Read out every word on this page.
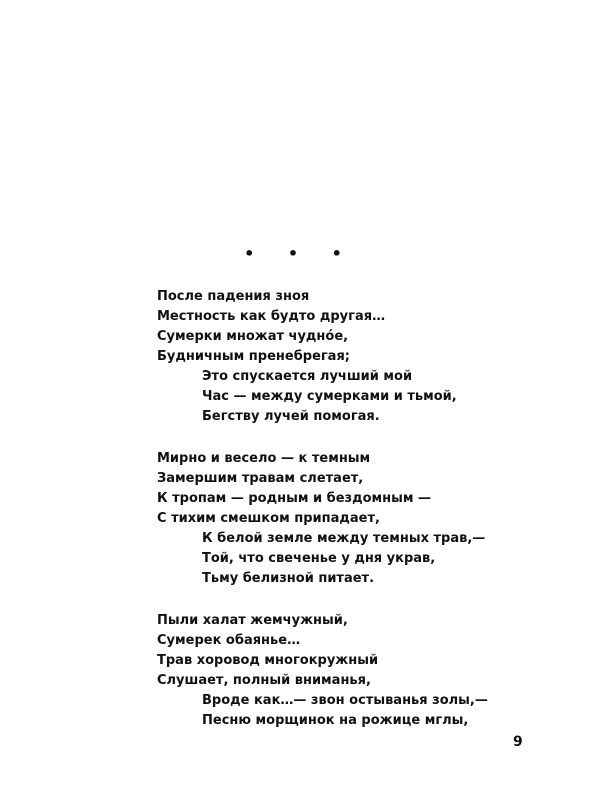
• • •
После падения зноя
Местность как будто другая…
Сумерки множат чудно́е,
Будничным пренебрегая;
Это спускается лучший мой
Час — между сумерками и тьмой,
Бегству лучей помогая.
Мирно и весело — к темным
Замершим травам слетает,
К тропам — родным и бездомным —
С тихим смешком припадает,
К белой земле между темных трав,—
Той, что свеченье у дня украв,
Тьму белизной питает.
Пыли халат жемчужный,
Сумерек обаянье…
Трав хоровод многокружный
Слушает, полный вниманья,
Вроде как…— звон остыванья золы,—
Песню морщинок на рожице мглы,
9
